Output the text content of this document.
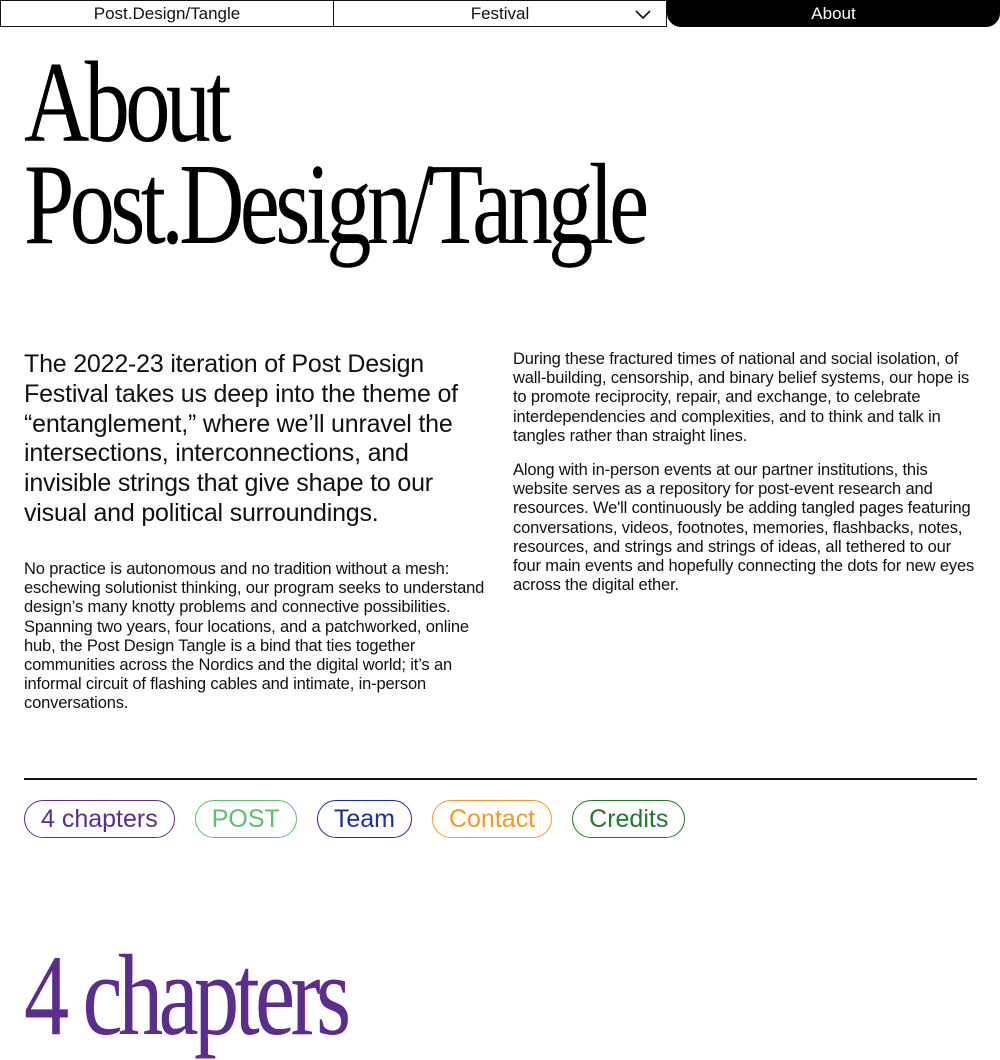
Post.Design/Tangle	Festival	About
About
Post.Design/Tangle

The 2022-23 iteration of Post Design Festival takes us deep into the theme of “entanglement,” where we’ll unravel the intersections, interconnections, and invisible strings that give shape to our visual and political surroundings.

No practice is autonomous and no tradition without a mesh: eschewing solutionist thinking, our program seeks to understand design’s many knotty problems and connective possibilities. Spanning two years, four locations, and a patchworked, online hub, the Post Design Tangle is a bind that ties together communities across the Nordics and the digital world; it’s an informal circuit of flashing cables and intimate, in-person conversations.

During these fractured times of national and social isolation, of wall-building, censorship, and binary belief systems, our hope is to promote reciprocity, repair, and exchange, to celebrate interdependencies and complexities, and to think and talk in tangles rather than straight lines.

Along with in-person events at our partner institutions, this website serves as a repository for post-event research and resources. We'll continuously be adding tangled pages featuring conversations, videos, footnotes, memories, flashbacks, notes, resources, and strings and strings of ideas, all tethered to our four main events and hopefully connecting the dots for new eyes across the digital ether.

4 chapters	POST	Team	Contact	Credits
4 chapters
